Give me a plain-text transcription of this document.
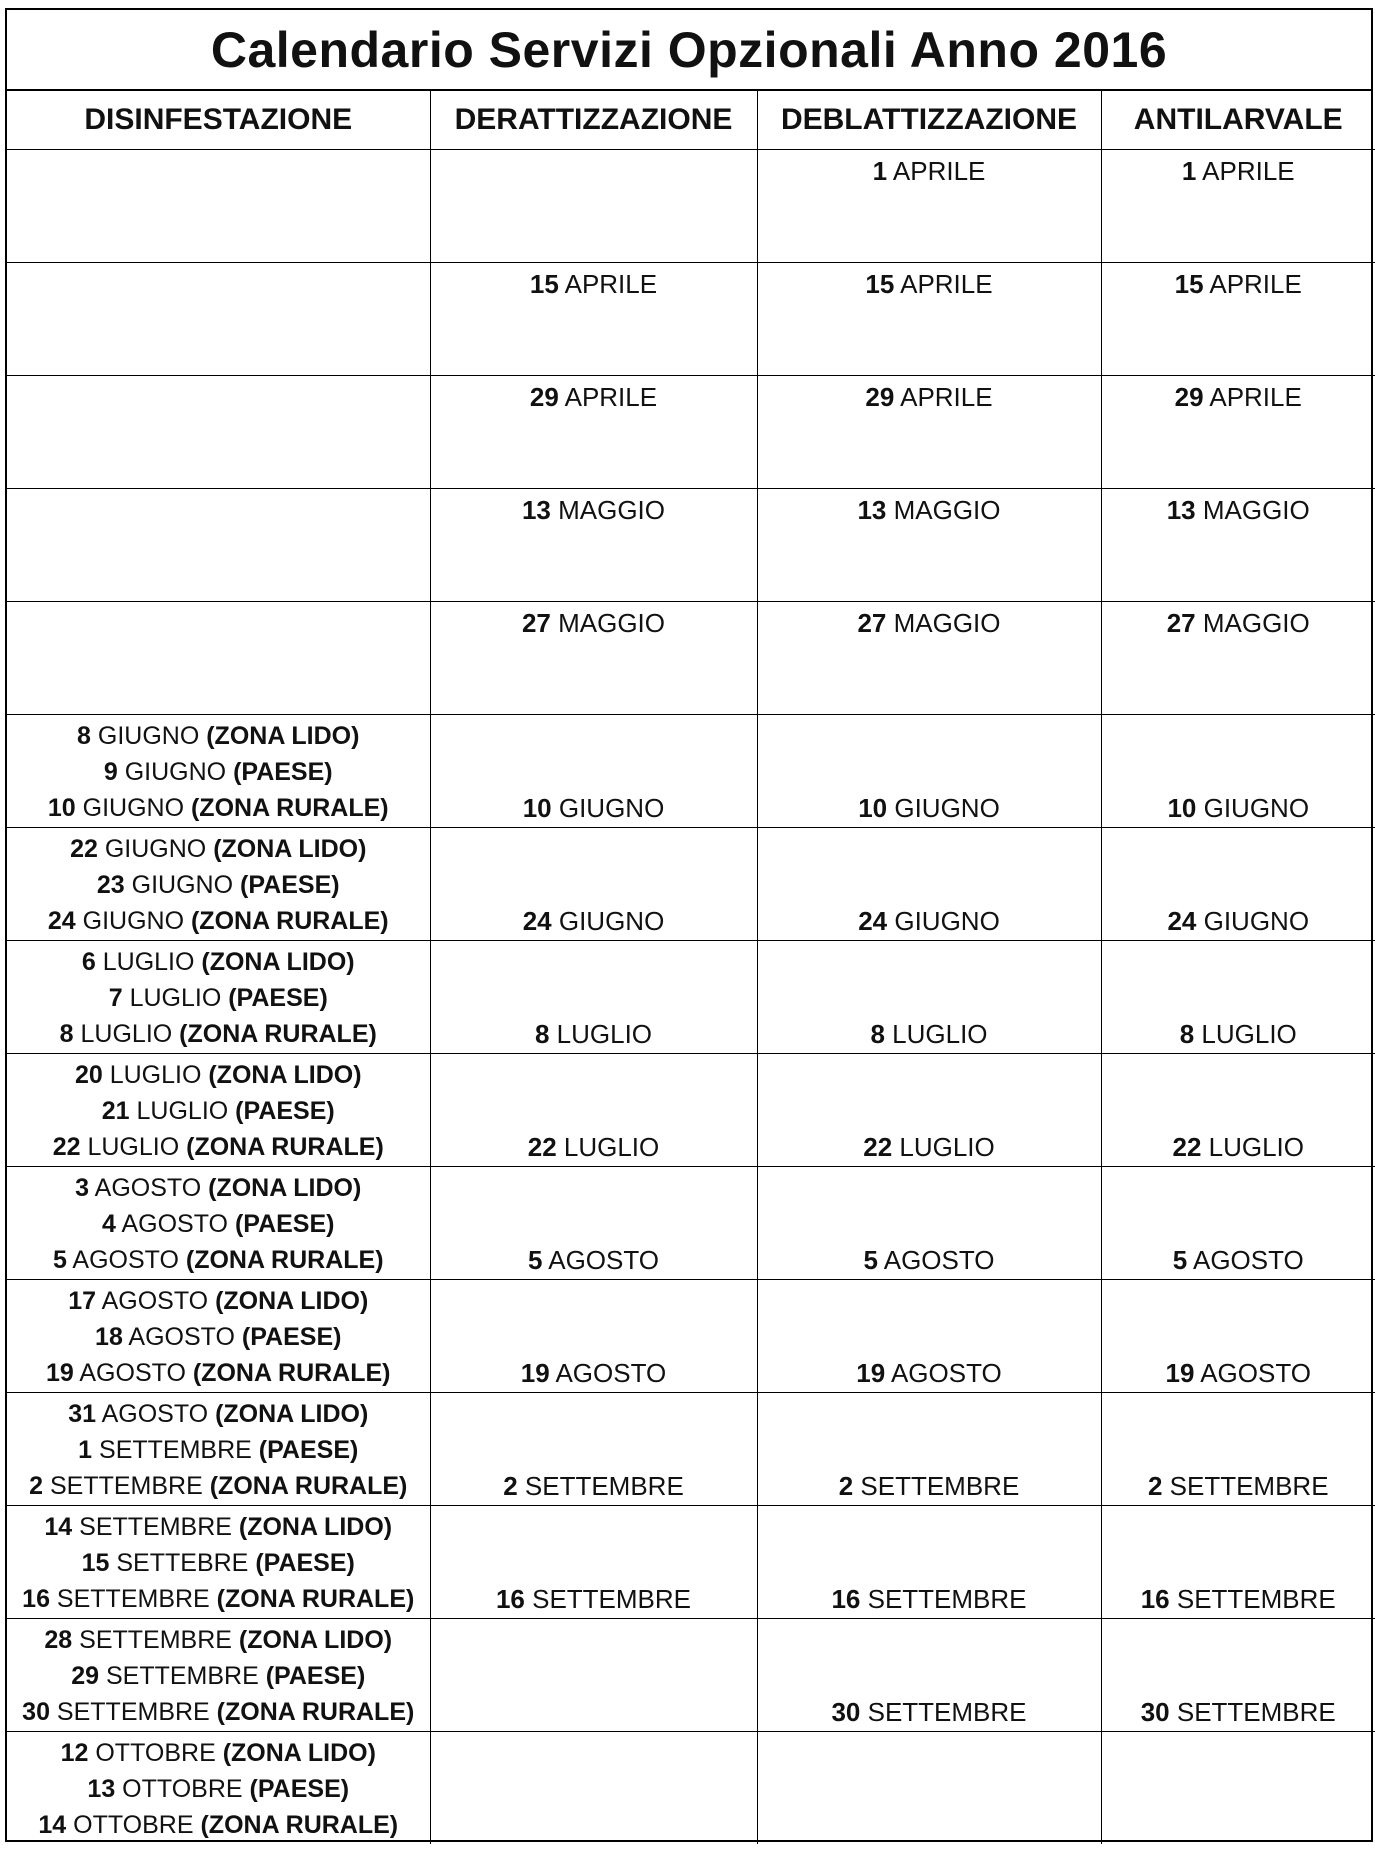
Calendario Servizi Opzionali Anno 2016
DISINFESTAZIONE	DERATTIZZAZIONE	DEBLATTIZZAZIONE	ANTILARVALE

		1 APRILE	1 APRILE

	15 APRILE	15 APRILE	15 APRILE

	29 APRILE	29 APRILE	29 APRILE

	13 MAGGIO	13 MAGGIO	13 MAGGIO

	27 MAGGIO	27 MAGGIO	27 MAGGIO

8 GIUGNO (ZONA LIDO)
9 GIUGNO (PAESE)
10 GIUGNO (ZONA RURALE)	10 GIUGNO	10 GIUGNO	10 GIUGNO

22 GIUGNO (ZONA LIDO)
23 GIUGNO (PAESE)
24 GIUGNO (ZONA RURALE)	24 GIUGNO	24 GIUGNO	24 GIUGNO

6 LUGLIO (ZONA LIDO)
7 LUGLIO (PAESE)
8 LUGLIO (ZONA RURALE)	8 LUGLIO	8 LUGLIO	8 LUGLIO

20 LUGLIO (ZONA LIDO)
21 LUGLIO (PAESE)
22 LUGLIO (ZONA RURALE)	22 LUGLIO	22 LUGLIO	22 LUGLIO

3 AGOSTO (ZONA LIDO)
4 AGOSTO (PAESE)
5 AGOSTO (ZONA RURALE)	5 AGOSTO	5 AGOSTO	5 AGOSTO

17 AGOSTO (ZONA LIDO)
18 AGOSTO (PAESE)
19 AGOSTO (ZONA RURALE)	19 AGOSTO	19 AGOSTO	19 AGOSTO

31 AGOSTO (ZONA LIDO)
1 SETTEMBRE (PAESE)
2 SETTEMBRE (ZONA RURALE)	2 SETTEMBRE	2 SETTEMBRE	2 SETTEMBRE

14 SETTEMBRE (ZONA LIDO)
15 SETTEBRE (PAESE)
16 SETTEMBRE (ZONA RURALE)	16 SETTEMBRE	16 SETTEMBRE	16 SETTEMBRE

28 SETTEMBRE (ZONA LIDO)
29 SETTEMBRE (PAESE)
30 SETTEMBRE (ZONA RURALE)		30 SETTEMBRE	30 SETTEMBRE

12 OTTOBRE (ZONA LIDO)
13 OTTOBRE (PAESE)
14 OTTOBRE (ZONA RURALE)			
